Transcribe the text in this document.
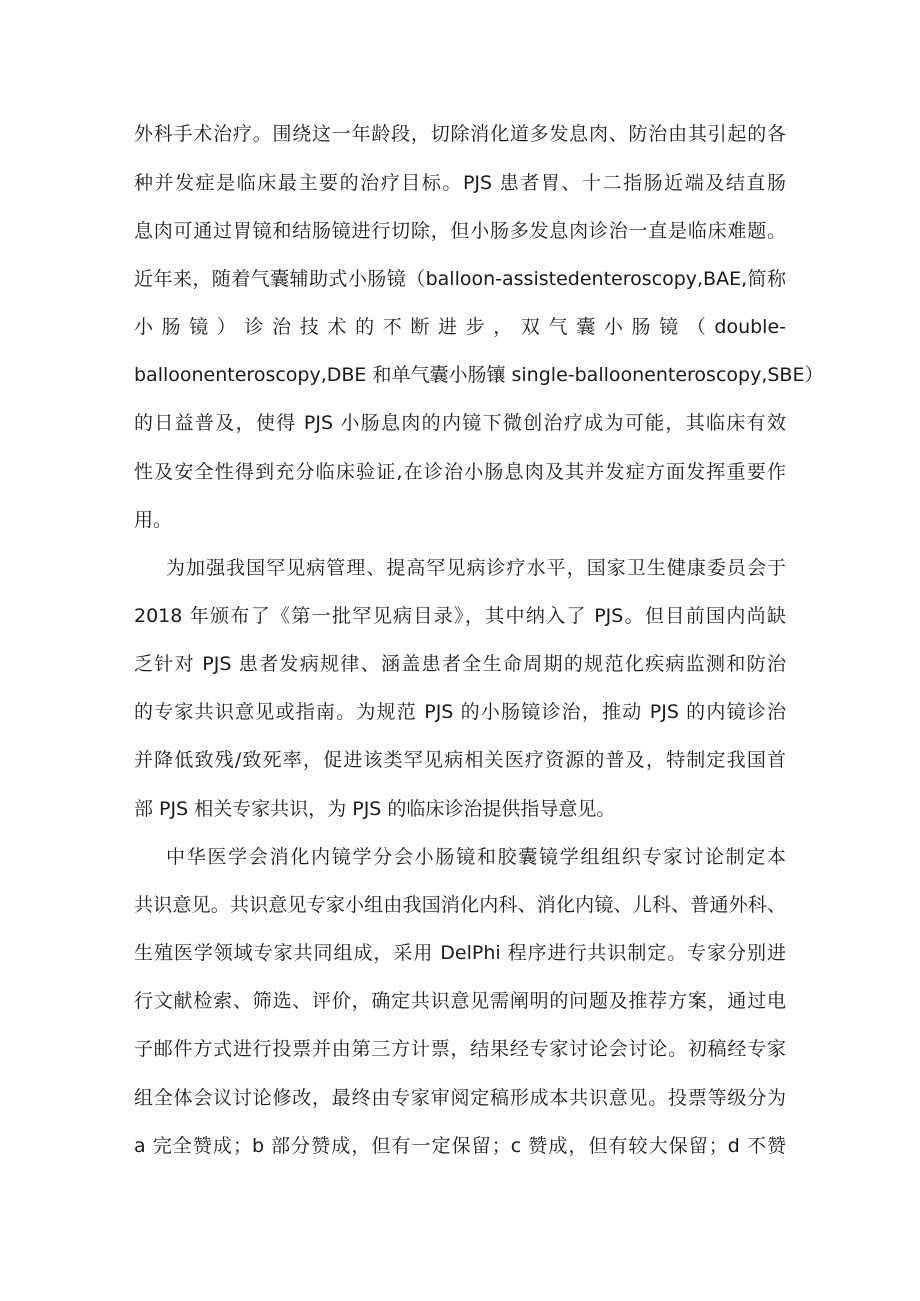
外科手术治疗。围绕这一年龄段，切除消化道多发息肉、防治由其引起的各
种并发症是临床最主要的治疗目标。PJS 患者胃、十二指肠近端及结直肠
息肉可通过胃镜和结肠镜进行切除，但小肠多发息肉诊治一直是临床难题。
近年来，随着气囊辅助式小肠镜（balloon-assistedenteroscopy,BAE,简称
小 肠 镜 ） 诊 治 技 术 的 不 断 进 步 ， 双 气 囊 小 肠 镜 （ double-
balloonenteroscopy,DBE 和单气囊小肠镶 single-balloonenteroscopy,SBE）
的日益普及，使得 PJS 小肠息肉的内镜下微创治疗成为可能，其临床有效
性及安全性得到充分临床验证,在诊治小肠息肉及其并发症方面发挥重要作
用。
为加强我国罕见病管理、提高罕见病诊疗水平，国家卫生健康委员会于
2018 年颁布了《第一批罕见病目录》，其中纳入了 PJS。但目前国内尚缺
乏针对 PJS 患者发病规律、涵盖患者全生命周期的规范化疾病监测和防治
的专家共识意见或指南。为规范 PJS 的小肠镜诊治，推动 PJS 的内镜诊治
并降低致残/致死率，促进该类罕见病相关医疗资源的普及，特制定我国首
部 PJS 相关专家共识，为 PJS 的临床诊治提供指导意见。
中华医学会消化内镜学分会小肠镜和胶囊镜学组组织专家讨论制定本
共识意见。共识意见专家小组由我国消化内科、消化内镜、儿科、普通外科、
生殖医学领域专家共同组成，采用 DelPhi 程序进行共识制定。专家分别进
行文献检索、筛选、评价，确定共识意见需阐明的问题及推荐方案，通过电
子邮件方式进行投票并由第三方计票，结果经专家讨论会讨论。初稿经专家
组全体会议讨论修改，最终由专家审阅定稿形成本共识意见。投票等级分为
a 完全赞成；b 部分赞成，但有一定保留；c 赞成，但有较大保留；d 不赞
